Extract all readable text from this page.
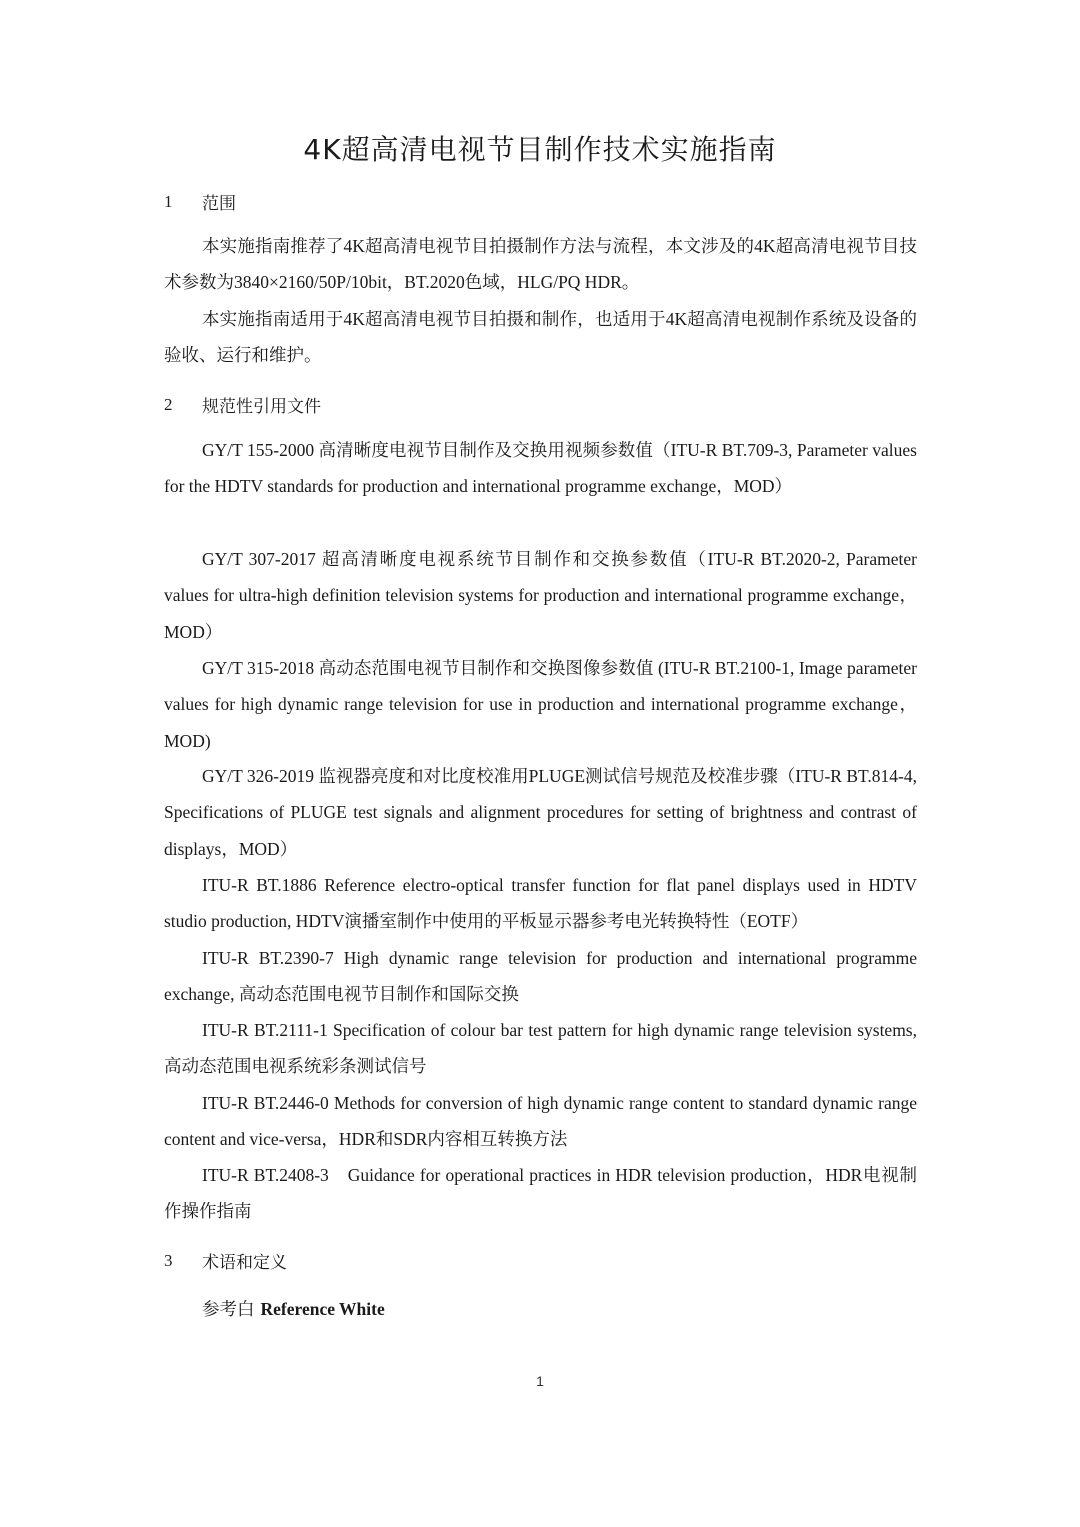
4K超高清电视节目制作技术实施指南
1	范围

本实施指南推荐了4K超高清电视节目拍摄制作方法与流程，本文涉及的4K超高清电视节目技术参数为3840×2160/50P/10bit，BT.2020色域，HLG/PQ HDR。

本实施指南适用于4K超高清电视节目拍摄和制作，也适用于4K超高清电视制作系统及设备的验收、运行和维护。

2	规范性引用文件

GY/T 155-2000 高清晰度电视节目制作及交换用视频参数值（ITU-R BT.709-3, Parameter values for the HDTV standards for production and international programme exchange，MOD）

GY/T 307-2017 超高清晰度电视系统节目制作和交换参数值（ITU-R BT.2020-2, Parameter values for ultra-high definition television systems for production and international programme exchange，MOD）

GY/T 315-2018 高动态范围电视节目制作和交换图像参数值 (ITU-R BT.2100-1, Image parameter values for high dynamic range television for use in production and international programme exchange，MOD)

GY/T 326-2019 监视器亮度和对比度校准用PLUGE测试信号规范及校准步骤（ITU-R BT.814-4, Specifications of PLUGE test signals and alignment procedures for setting of brightness and contrast of displays，MOD）

ITU-R BT.1886 Reference electro-optical transfer function for flat panel displays used in HDTV studio production, HDTV演播室制作中使用的平板显示器参考电光转换特性（EOTF）

ITU-R BT.2390-7 High dynamic range television for production and international programme exchange, 高动态范围电视节目制作和国际交换

ITU-R BT.2111-1 Specification of colour bar test pattern for high dynamic range television systems, 高动态范围电视系统彩条测试信号

ITU-R BT.2446-0 Methods for conversion of high dynamic range content to standard dynamic range content and vice-versa，HDR和SDR内容相互转换方法

ITU-R BT.2408-3　Guidance for operational practices in HDR television production，HDR电视制作操作指南

3	术语和定义
参考白 Reference White
1
